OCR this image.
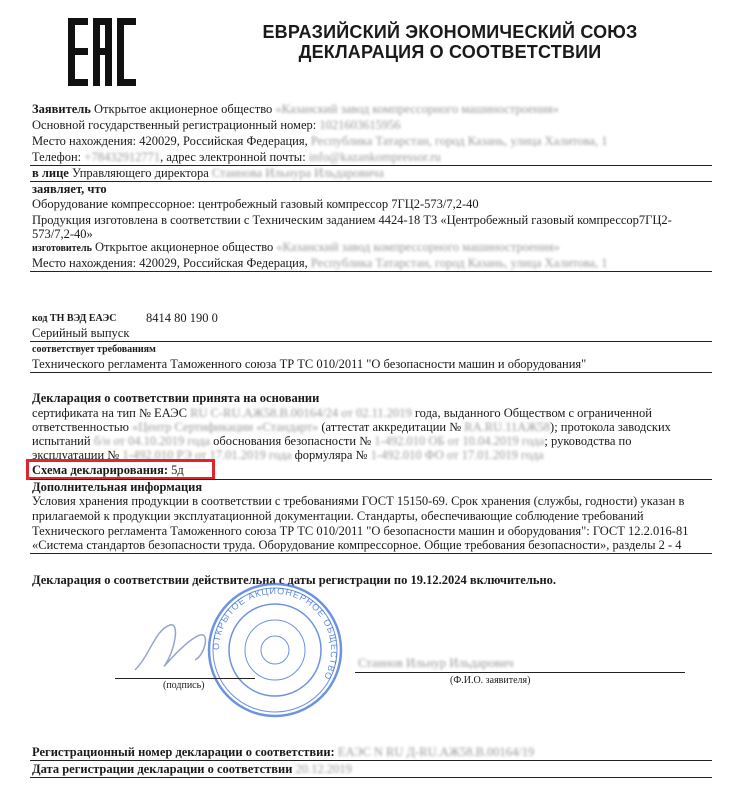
ЕВРАЗИЙСКИЙ ЭКОНОМИЧЕСКИЙ СОЮЗ
ДЕКЛАРАЦИЯ О СООТВЕТСТВИИ
Заявитель Открытое акционерное общество «Казанский завод компрессорного машиностроения»
Основной государственный регистрационный номер: 1021603615956
Место нахождения: 420029, Российская Федерация, Республика Татарстан, город Казань, улица Халитова, 1
Телефон: +78432912771, адрес электронной почты: info@kazankompressor.ru
в лице Управляющего директора Стаинова Ильнура Ильдаровича
заявляет, что
Оборудование компрессорное: центробежный газовый компрессор 7ГЦ2-573/7,2-40
Продукция изготовлена в соответствии с Техническим заданием 4424-18 ТЗ «Центробежный газовый компрессор7ГЦ2-
573/7,2-40»
изготовитель Открытое акционерное общество «Казанский завод компрессорного машиностроения»
Место нахождения: 420029, Российская Федерация, Республика Татарстан, город Казань, улица Халитова, 1
код ТН ВЭД ЕАЭС 8414 80 190 0
Серийный выпуск
соответствует требованиям
Технического регламента Таможенного союза ТР ТС 010/2011 "О безопасности машин и оборудования"
Декларация о соответствии принята на основании
сертификата на тип № ЕАЭС RU C-RU.AЖ58.В.00164/24 от 02.11.2019 года, выданного Обществом с ограниченной
ответственностью «Центр Сертификации «Стандарт» (аттестат аккредитации № RA.RU.11АЖ58); протокола заводских
испытаний б/н от 04.10.2019 года обоснования безопасности № 1-492.010 ОБ от 10.04.2019 года; руководства по
эксплуатации № 1-492.010 РЭ от 17.01.2019 года формуляра № 1-492.010 ФО от 17.01.2019 года
Схема декларирования: 5д
Дополнительная информация
Условия хранения продукции в соответствии с требованиями ГОСТ 15150-69. Срок хранения (службы, годности) указан в
прилагаемой к продукции эксплуатационной документации. Стандарты, обеспечивающие соблюдение требований
Технического регламента Таможенного союза ТР ТС 010/2011 "О безопасности машин и оборудования": ГОСТ 12.2.016-81
«Система стандартов безопасности труда. Оборудование компрессорное. Общие требования безопасности», разделы 2 - 4
Декларация о соответствии действительна с даты регистрации по 19.12.2024 включительно.
ОТКРЫТОЕ АКЦИОНЕРНОЕ ОБЩЕСТВО
(подпись)
Стаинов Ильнур Ильдарович
(Ф.И.О. заявителя)
Регистрационный номер декларации о соответствии: ЕАЭС N RU Д-RU.АЖ58.В.00164/19
Дата регистрации декларации о соответствии 20.12.2019
